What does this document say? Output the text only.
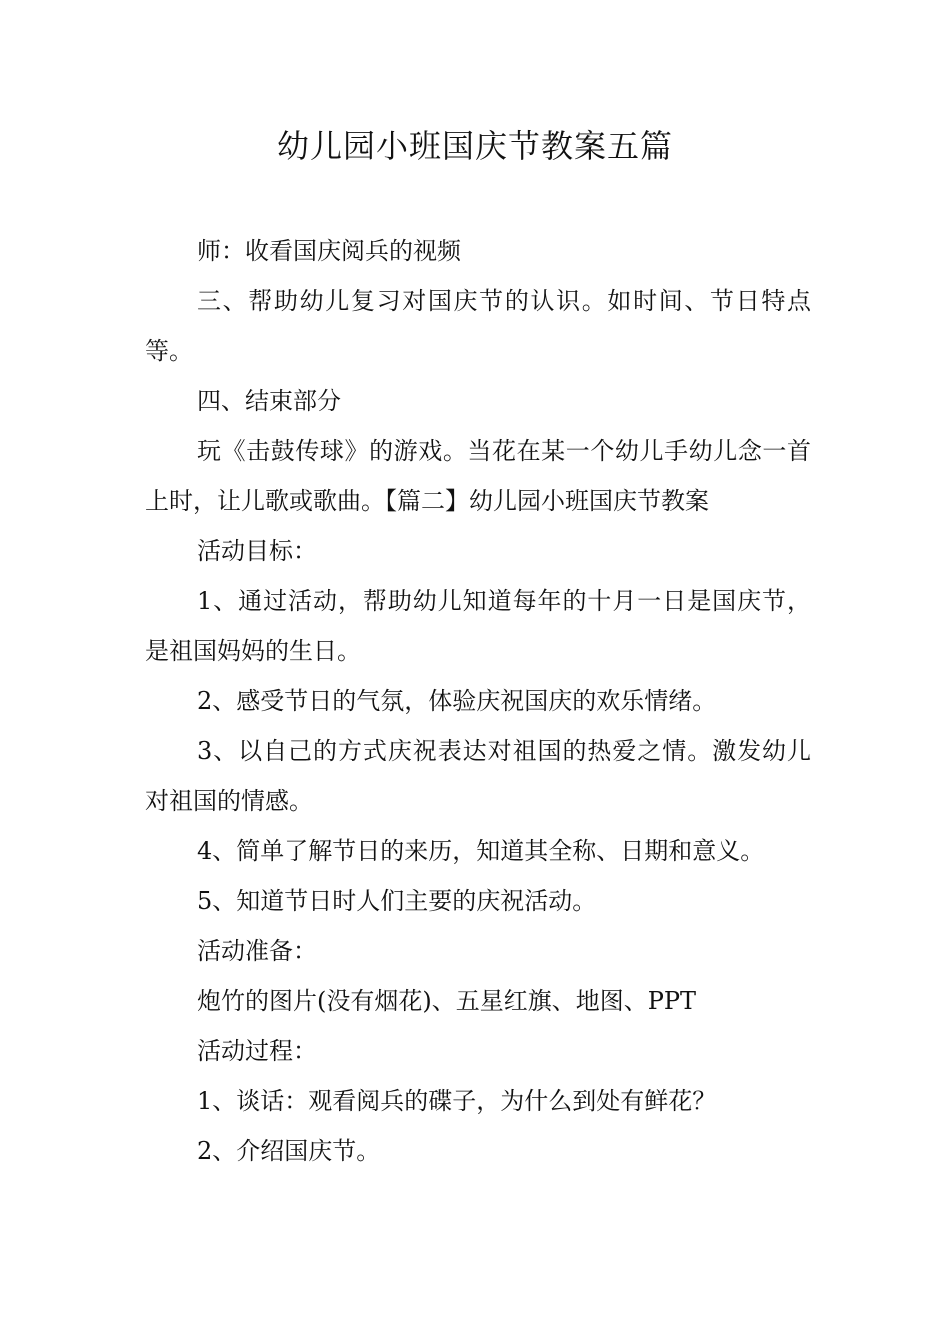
幼儿园小班国庆节教案五篇

师：收看国庆阅兵的视频

三、帮助幼儿复习对国庆节的认识。如时间、节日特点等。

四、结束部分

玩《击鼓传球》的游戏。当花在某一个幼儿手幼儿念一首上时，让儿歌或歌曲。【篇二】幼儿园小班国庆节教案

活动目标：

1、通过活动，帮助幼儿知道每年的十月一日是国庆节，是祖国妈妈的生日。

2、感受节日的气氛，体验庆祝国庆的欢乐情绪。

3、以自己的方式庆祝表达对祖国的热爱之情。激发幼儿对祖国的情感。

4、简单了解节日的来历，知道其全称、日期和意义。

5、知道节日时人们主要的庆祝活动。

活动准备：

炮竹的图片(没有烟花)、五星红旗、地图、PPT

活动过程：

1、谈话：观看阅兵的碟子，为什么到处有鲜花？

2、介绍国庆节。
